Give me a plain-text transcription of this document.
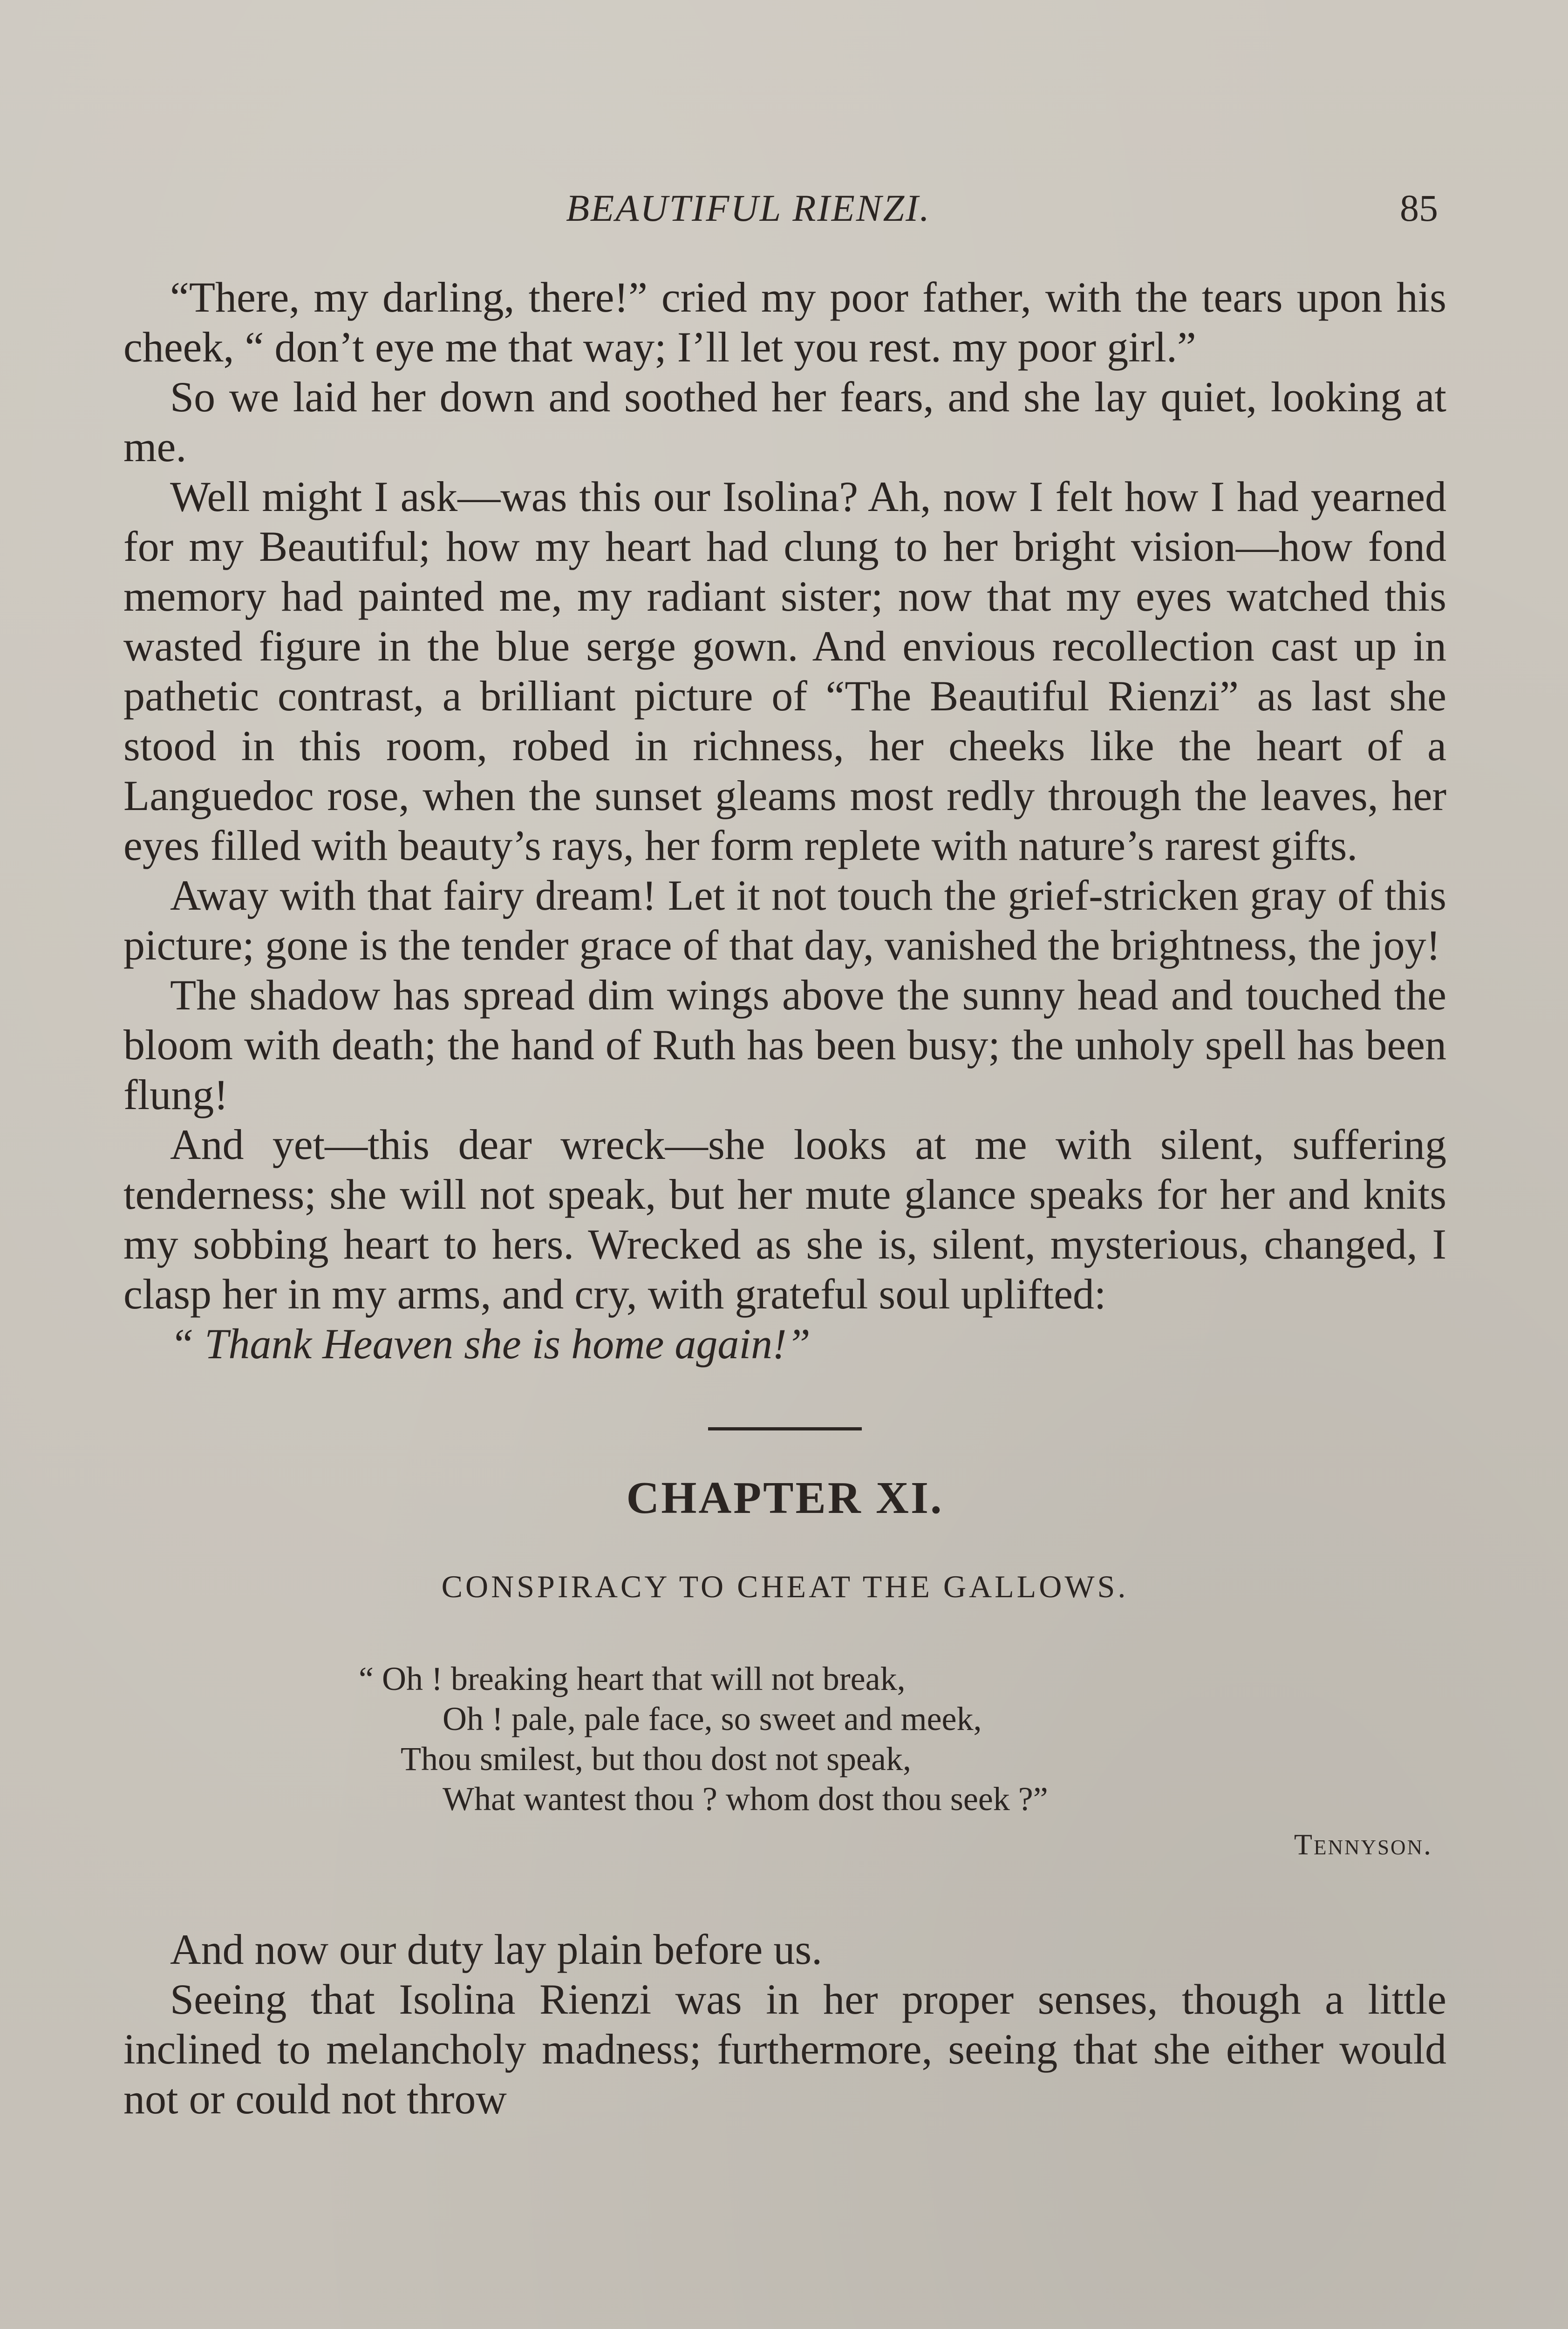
BEAUTIFUL RIENZI.	85

“There, my darling, there!” cried my poor father, with the tears upon his cheek, “ don’t eye me that way; I’ll let you rest. my poor girl.”

So we laid her down and soothed her fears, and she lay quiet, looking at me.

Well might I ask—was this our Isolina? Ah, now I felt how I had yearned for my Beautiful; how my heart had clung to her bright vision—how fond memory had painted me, my radiant sister; now that my eyes watched this wasted figure in the blue serge gown. And envious recollection cast up in pathetic contrast, a brilliant picture of “The Beautiful Rienzi” as last she stood in this room, robed in richness, her cheeks like the heart of a Languedoc rose, when the sunset gleams most redly through the leaves, her eyes filled with beauty’s rays, her form replete with nature’s rarest gifts.

Away with that fairy dream! Let it not touch the grief-stricken gray of this picture; gone is the tender grace of that day, vanished the brightness, the joy!

The shadow has spread dim wings above the sunny head and touched the bloom with death; the hand of Ruth has been busy; the unholy spell has been flung!

And yet—this dear wreck—she looks at me with silent, suffering tenderness; she will not speak, but her mute glance speaks for her and knits my sobbing heart to hers. Wrecked as she is, silent, mysterious, changed, I clasp her in my arms, and cry, with grateful soul uplifted:

“ Thank Heaven she is home again!”

CHAPTER XI.
CONSPIRACY TO CHEAT THE GALLOWS.
“ Oh ! breaking heart that will not break,
Oh ! pale, pale face, so sweet and meek,
Thou smilest, but thou dost not speak,
What wantest thou ? whom dost thou seek ?”
Tennyson.

And now our duty lay plain before us.

Seeing that Isolina Rienzi was in her proper senses, though a little inclined to melancholy madness; furthermore, seeing that she either would not or could not throw
